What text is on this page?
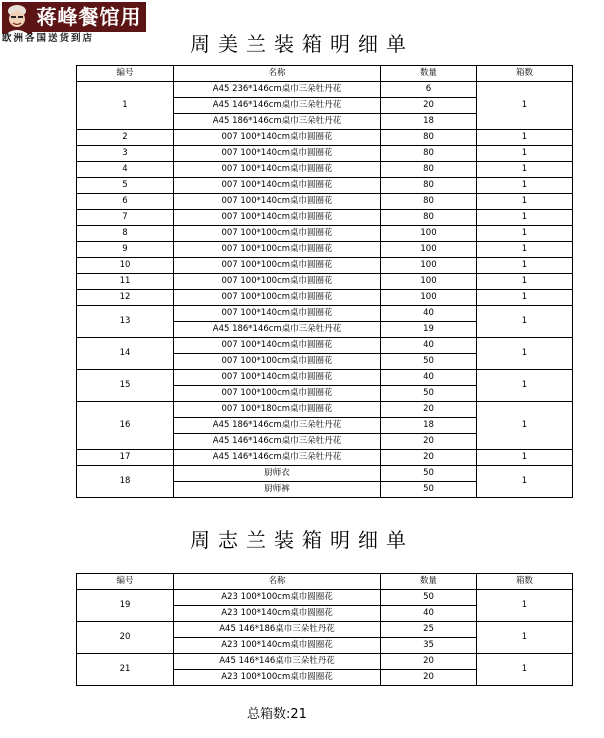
蒋峰餐馆用品
欧洲各国送货到店	周美兰装箱明细单
编号	名称	数量	箱数
1	A45 236*146cm桌巾三朵牡丹花	6	1
	A45 146*146cm桌巾三朵牡丹花	20	
	A45 186*146cm桌巾三朵牡丹花	18	
2	007 100*140cm桌巾圆圈花	80	1
3	007 100*140cm桌巾圆圈花	80	1
4	007 100*140cm桌巾圆圈花	80	1
5	007 100*140cm桌巾圆圈花	80	1
6	007 100*140cm桌巾圆圈花	80	1
7	007 100*140cm桌巾圆圈花	80	1
8	007 100*100cm桌巾圆圈花	100	1
9	007 100*100cm桌巾圆圈花	100	1
10	007 100*100cm桌巾圆圈花	100	1
11	007 100*100cm桌巾圆圈花	100	1
12	007 100*100cm桌巾圆圈花	100	1
13	007 100*140cm桌巾圆圈花	40	1
	A45 186*146cm桌巾三朵牡丹花	19	
14	007 100*140cm桌巾圆圈花	40	1
	007 100*100cm桌巾圆圈花	50	
15	007 100*140cm桌巾圆圈花	40	1
	007 100*100cm桌巾圆圈花	50	
16	007 100*180cm桌巾圆圈花	20	1
	A45 186*146cm桌巾三朵牡丹花	18	
	A45 146*146cm桌巾三朵牡丹花	20	
17	A45 146*146cm桌巾三朵牡丹花	20	1
18	厨师衣	50	1
	厨师裤	50	
周志兰装箱明细单
编号	名称	数量	箱数
19	A23 100*100cm桌巾圆圈花	50	1
	A23 100*140cm桌巾圆圈花	40	
20	A45 146*186桌巾三朵牡丹花	25	1
	A23 100*140cm桌巾圆圈花	35	
21	A45 146*146桌巾三朵牡丹花	20	1
	A23 100*100cm桌巾圆圈花	20	
总箱数:21
